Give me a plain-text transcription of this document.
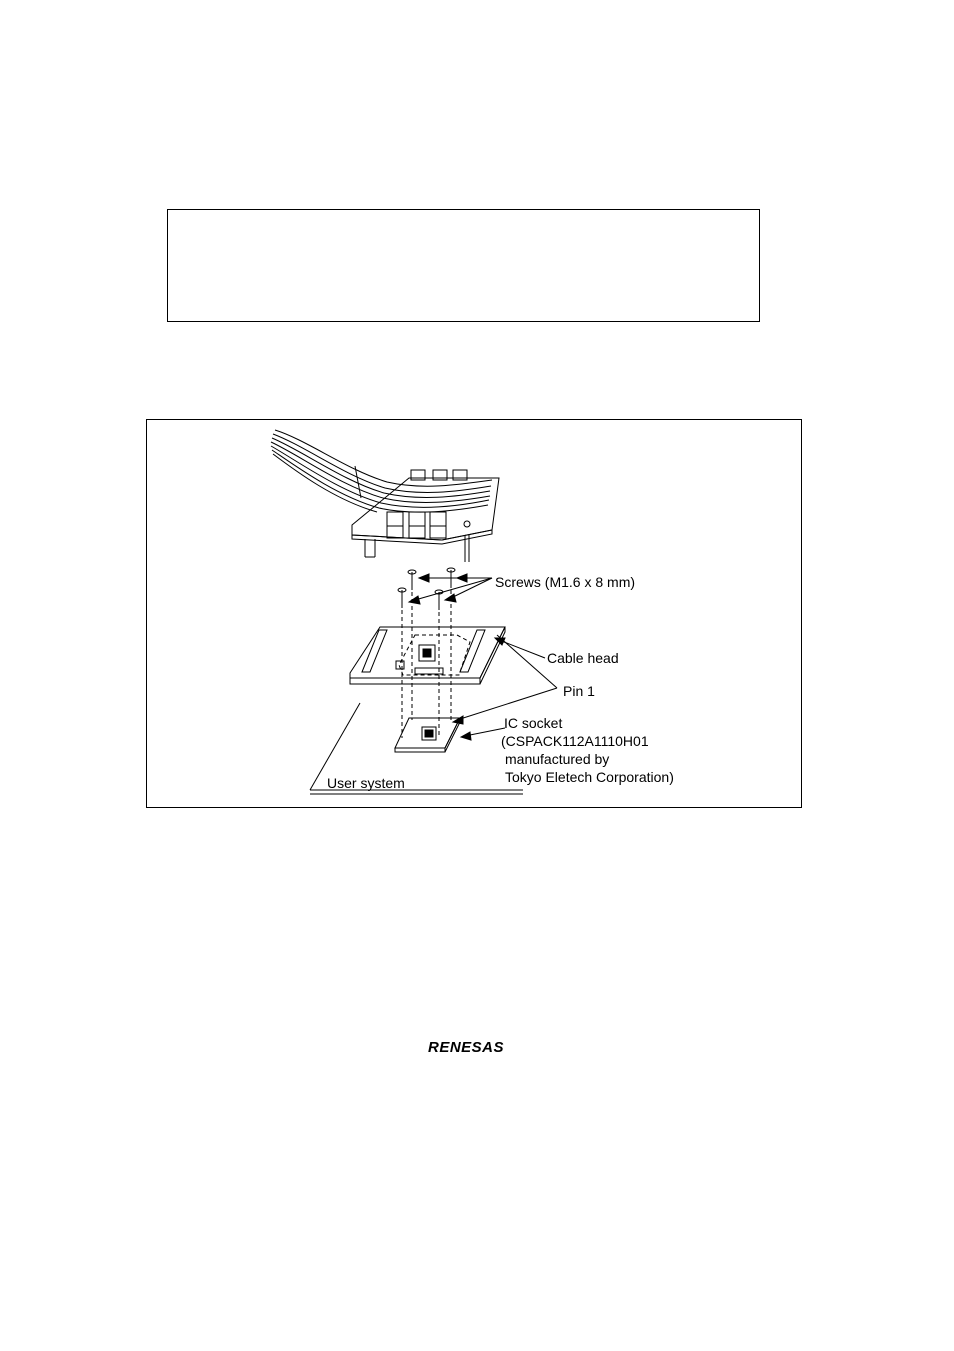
Screws (M1.6 x 8 mm)
Cable head
Pin 1
IC socket
(CSPACK112A1110H01
manufactured by
Tokyo Eletech Corporation)
User system
RENESAS
